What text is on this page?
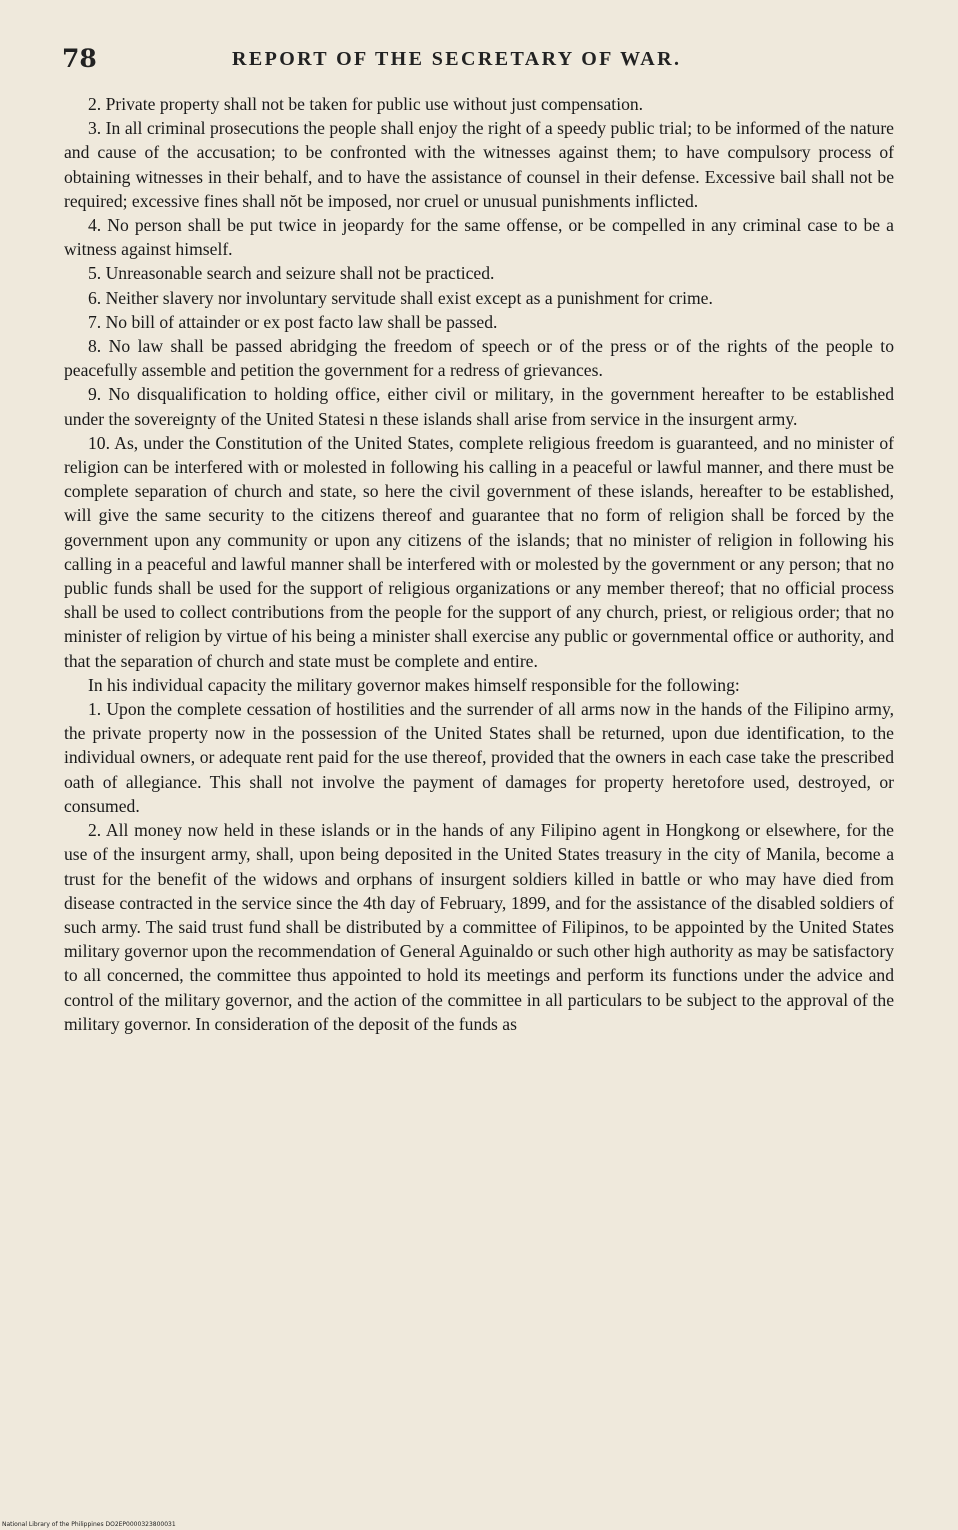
78	REPORT OF THE SECRETARY OF WAR.

2. Private property shall not be taken for public use without just compensation.

3. In all criminal prosecutions the people shall enjoy the right of a speedy public trial; to be informed of the nature and cause of the accusation; to be confronted with the witnesses against them; to have compulsory process of obtaining witnesses in their behalf, and to have the assistance of counsel in their defense. Excessive bail shall not be required; excessive fines shall nŏt be imposed, nor cruel or unusual punishments inflicted.

4. No person shall be put twice in jeopardy for the same offense, or be compelled in any criminal case to be a witness against himself.

5. Unreasonable search and seizure shall not be practiced.

6. Neither slavery nor involuntary servitude shall exist except as a punishment for crime.

7. No bill of attainder or ex post facto law shall be passed.

8. No law shall be passed abridging the freedom of speech or of the press or of the rights of the people to peacefully assemble and petition the government for a redress of grievances.

9. No disqualification to holding office, either civil or military, in the government hereafter to be established under the sovereignty of the United Statesi n these islands shall arise from service in the insurgent army.

10. As, under the Constitution of the United States, complete religious freedom is guaranteed, and no minister of religion can be interfered with or molested in following his calling in a peaceful or lawful manner, and there must be complete separation of church and state, so here the civil government of these islands, hereafter to be established, will give the same security to the citizens thereof and guarantee that no form of religion shall be forced by the government upon any community or upon any citizens of the islands; that no minister of religion in following his calling in a peaceful and lawful manner shall be interfered with or molested by the government or any person; that no public funds shall be used for the support of religious organizations or any member thereof; that no official process shall be used to collect contributions from the people for the support of any church, priest, or religious order; that no minister of religion by virtue of his being a minister shall exercise any public or governmental office or authority, and that the separation of church and state must be complete and entire.

In his individual capacity the military governor makes himself responsible for the following:

1. Upon the complete cessation of hostilities and the surrender of all arms now in the hands of the Filipino army, the private property now in the possession of the United States shall be returned, upon due identification, to the individual owners, or adequate rent paid for the use thereof, provided that the owners in each case take the prescribed oath of allegiance. This shall not involve the payment of damages for property heretofore used, destroyed, or consumed.

2. All money now held in these islands or in the hands of any Filipino agent in Hongkong or elsewhere, for the use of the insurgent army, shall, upon being deposited in the United States treasury in the city of Manila, become a trust for the benefit of the widows and orphans of insurgent soldiers killed in battle or who may have died from disease contracted in the service since the 4th day of February, 1899, and for the assistance of the disabled soldiers of such army. The said trust fund shall be distributed by a committee of Filipinos, to be appointed by the United States military governor upon the recommendation of General Aguinaldo or such other high authority as may be satisfactory to all concerned, the committee thus appointed to hold its meetings and perform its functions under the advice and control of the military governor, and the action of the committee in all particulars to be subject to the approval of the military governor. In consideration of the deposit of the funds as

National Library of the Philippines DO2EP0000323800031
